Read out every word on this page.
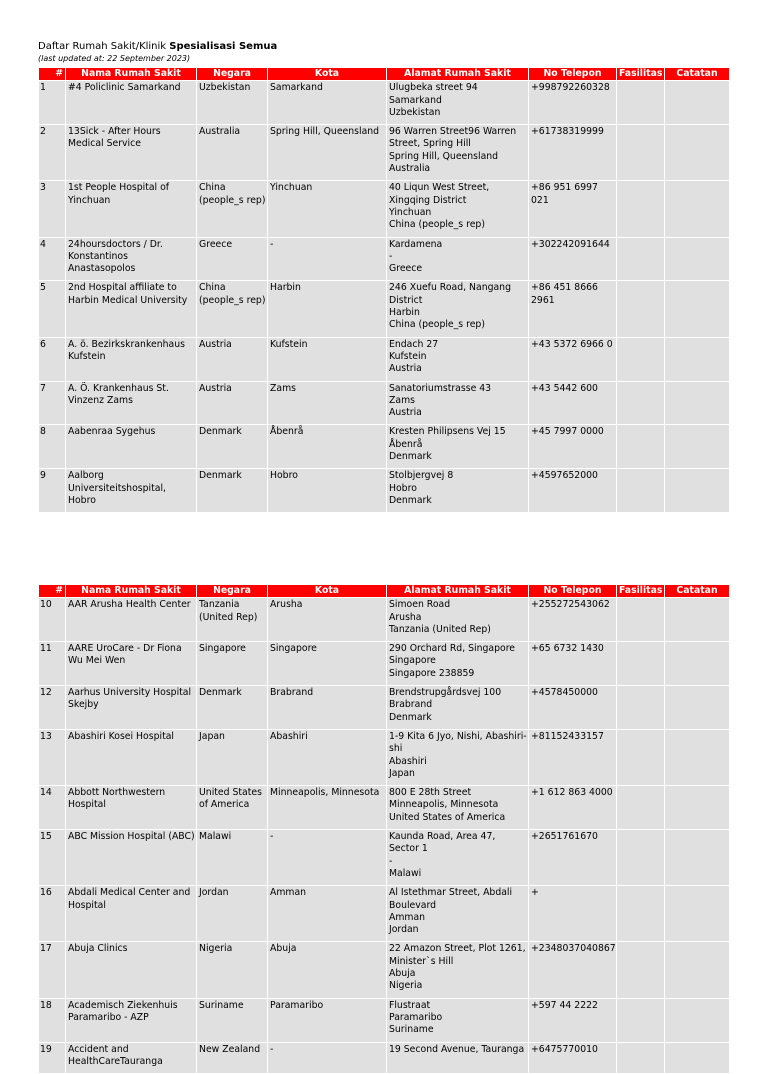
Daftar Rumah Sakit/Klinik Spesialisasi Semua
(last updated at: 22 September 2023)
#	Nama Rumah Sakit	Negara	Kota	Alamat Rumah Sakit	No Telepon	Fasilitas	Catatan
1	#4 Policlinic Samarkand	Uzbekistan	Samarkand	Ulugbeka street 94
Samarkand
Uzbekistan	+998792260328		
2	13Sick - After Hours Medical Service	Australia	Spring Hill, Queensland	96 Warren Street96 Warren Street, Spring Hill
Spring Hill, Queensland
Australia	+61738319999		
3	1st People Hospital of Yinchuan	China (people_s rep)	Yinchuan	40 Liqun West Street, Xingqing District
Yinchuan
China (people_s rep)	+86 951 6997 021		
4	24hoursdoctors / Dr. Konstantinos Anastasopolos	Greece	-	Kardamena
-
Greece	+302242091644		
5	2nd Hospital affiliate to Harbin Medical University	China (people_s rep)	Harbin	246 Xuefu Road, Nangang District
Harbin
China (people_s rep)	+86 451 8666 2961		
6	A. ö. Bezirkskrankenhaus Kufstein	Austria	Kufstein	Endach 27
Kufstein
Austria	+43 5372 6966 0		
7	A. Ö. Krankenhaus St. Vinzenz Zams	Austria	Zams	Sanatoriumstrasse 43
Zams
Austria	+43 5442 600		
8	Aabenraa Sygehus	Denmark	Åbenrå	Kresten Philipsens Vej 15
Åbenrå
Denmark	+45 7997 0000		
9	Aalborg Universiteitshospital, Hobro	Denmark	Hobro	Stolbjergvej 8
Hobro
Denmark	+4597652000		
#	Nama Rumah Sakit	Negara	Kota	Alamat Rumah Sakit	No Telepon	Fasilitas	Catatan
10	AAR Arusha Health Center	Tanzania (United Rep)	Arusha	Simoen Road
Arusha
Tanzania (United Rep)	+255272543062		
11	AARE UroCare - Dr Fiona Wu Mei Wen	Singapore	Singapore	290 Orchard Rd, Singapore
Singapore
Singapore 238859	+65 6732 1430		
12	Aarhus University Hospital Skejby	Denmark	Brabrand	Brendstrupgårdsvej 100
Brabrand
Denmark	+4578450000		
13	Abashiri Kosei Hospital	Japan	Abashiri	1-9 Kita 6 Jyo, Nishi, Abashiri-shi
Abashiri
Japan	+81152433157		
14	Abbott Northwestern Hospital	United States of America	Minneapolis, Minnesota	800 E 28th Street
Minneapolis, Minnesota
United States of America	+1 612 863 4000		
15	ABC Mission Hospital (ABC)	Malawi	-	Kaunda Road, Area 47, Sector 1
-
Malawi	+2651761670		
16	Abdali Medical Center and Hospital	Jordan	Amman	Al Istethmar Street, Abdali Boulevard
Amman
Jordan	+		
17	Abuja Clinics	Nigeria	Abuja	22 Amazon Street, Plot 1261, Minister`s Hill
Abuja
Nigeria	+2348037040867		
18	Academisch Ziekenhuis Paramaribo - AZP	Suriname	Paramaribo	Flustraat
Paramaribo
Suriname	+597 44 2222		
19	Accident and HealthCareTauranga	New Zealand	-	19 Second Avenue, Tauranga	+6475770010		
